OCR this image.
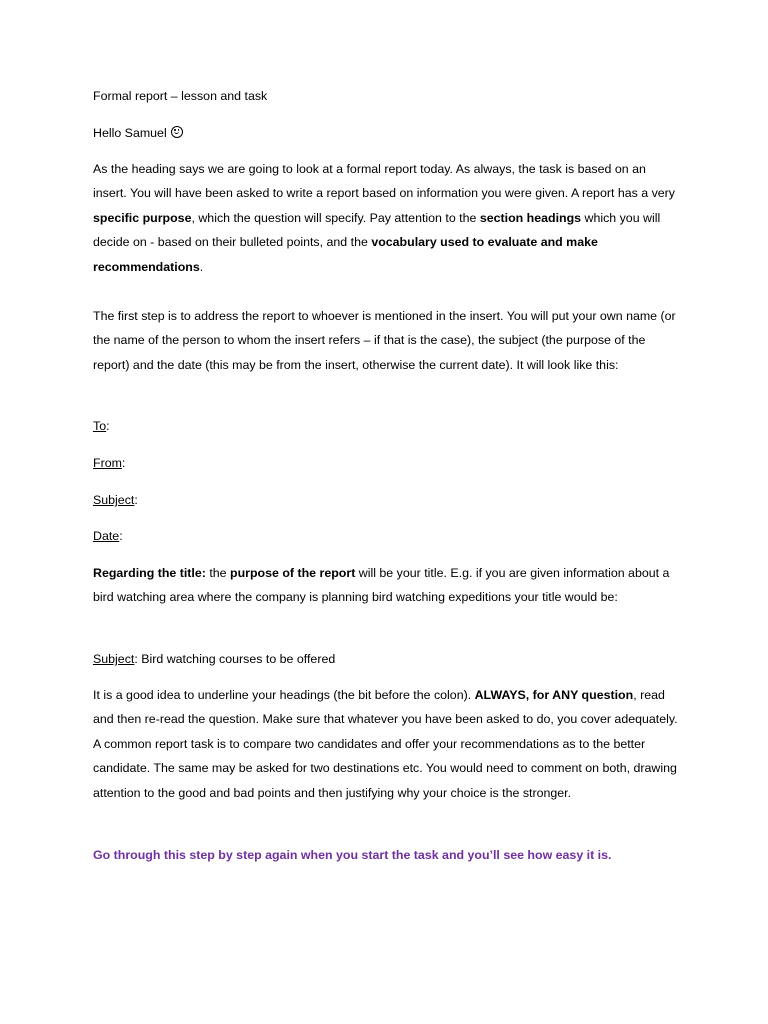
Formal report – lesson and task

Hello Samuel

As the heading says we are going to look at a formal report today. As always, the task is based on an insert. You will have been asked to write a report based on information you were given. A report has a very specific purpose, which the question will specify. Pay attention to the section headings which you will decide on - based on their bulleted points, and the vocabulary used to evaluate and make recommendations.

The first step is to address the report to whoever is mentioned in the insert. You will put your own name (or the name of the person to whom the insert refers – if that is the case), the subject (the purpose of the report) and the date (this may be from the insert, otherwise the current date). It will look like this:

To:

From:

Subject:

Date:

Regarding the title: the purpose of the report will be your title. E.g. if you are given information about a bird watching area where the company is planning bird watching expeditions your title would be:

Subject: Bird watching courses to be offered

It is a good idea to underline your headings (the bit before the colon). ALWAYS, for ANY question, read and then re-read the question. Make sure that whatever you have been asked to do, you cover adequately. A common report task is to compare two candidates and offer your recommendations as to the better candidate. The same may be asked for two destinations etc. You would need to comment on both, drawing attention to the good and bad points and then justifying why your choice is the stronger.

Go through this step by step again when you start the task and you’ll see how easy it is.
